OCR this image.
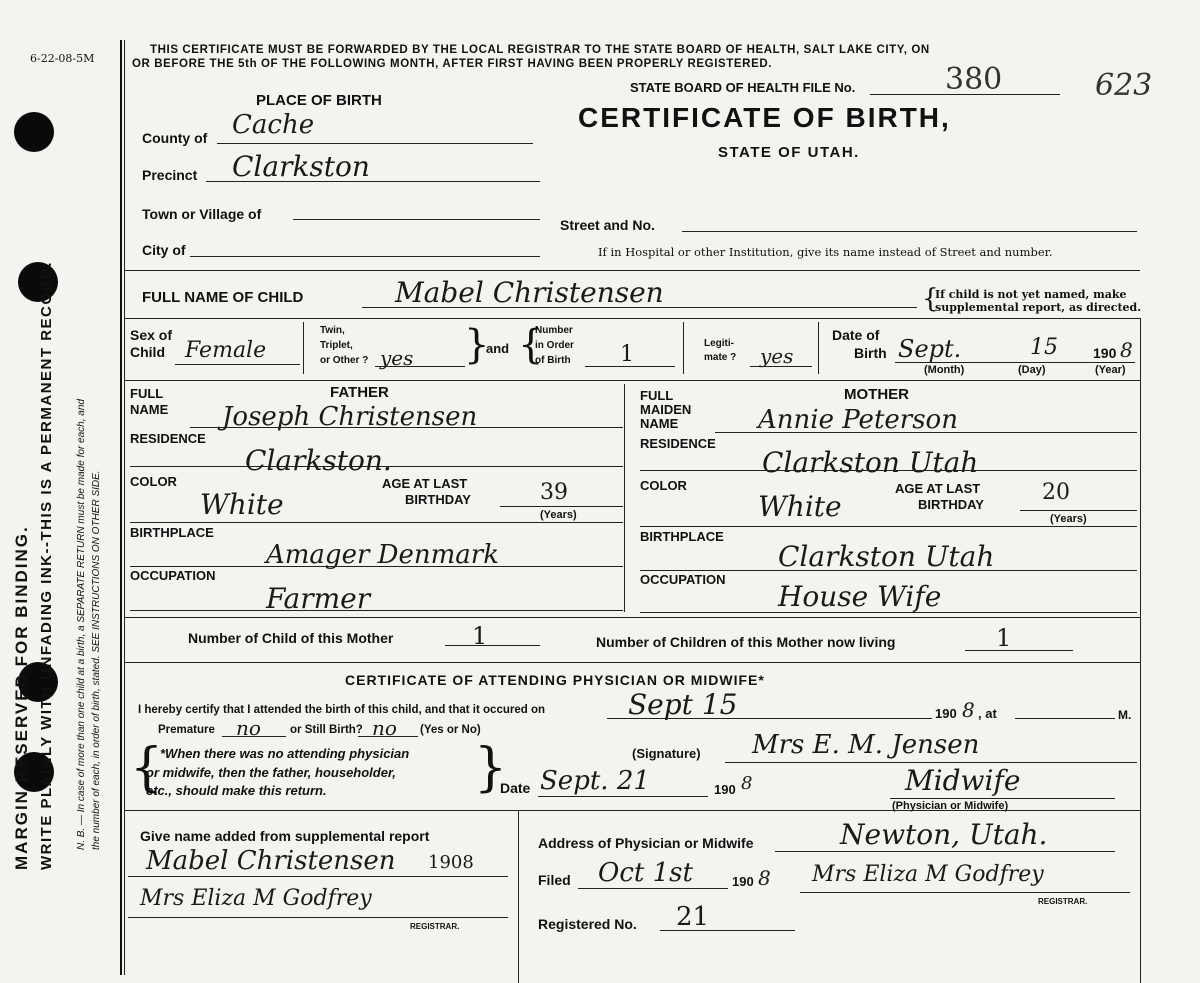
WRITE PLAINLY WITH UNFADING INK--THIS IS A PERMANENT RECORD.
MARGIN RESERVED FOR BINDING.	N. B. — In case of more than one child at a birth, a SEPARATE RETURN must be made for each, and the number of each, in order of birth, stated. SEE INSTRUCTIONS ON OTHER SIDE.
6-22-08-5M
THIS CERTIFICATE MUST BE FORWARDED BY THE LOCAL REGISTRAR TO THE STATE BOARD OF HEALTH, SALT LAKE CITY, ON
OR BEFORE THE 5th OF THE FOLLOWING MONTH, AFTER FIRST HAVING BEEN PROPERLY REGISTERED.
STATE BOARD OF HEALTH FILE No.	380	623
CERTIFICATE OF BIRTH,
STATE OF UTAH.
PLACE OF BIRTH
County of Cache
Precinct Clarkston
Town or Village of
Street and No.
City of	If in Hospital or other Institution, give its name instead of Street and number.
FULL NAME OF CHILD	Mabel Christensen	{
If child is not yet named, make
supplemental report, as directed.
Sex of
Child Female
Twin,
Triplet,
or Other ? yes }
and {
Number
in Order
of Birth 1	Legiti-
mate ? yes
Date of
Birth Sept.	15	190 8
(Month)	(Day)	(Year)
FULL
NAME
FATHER
Joseph Christensen
RESIDENCE
Clarkston.
COLOR
White
AGE AT LAST
BIRTHDAY	39
(Years)
BIRTHPLACE
Amager Denmark
OCCUPATION
Farmer
FULL
MAIDEN
NAME
MOTHER
Annie Peterson
RESIDENCE
Clarkston Utah
COLOR
White
AGE AT LAST
BIRTHDAY	20
(Years)
BIRTHPLACE
Clarkston Utah
OCCUPATION
House Wife
Number of Child of this Mother	1	Number of Children of this Mother now living	1
CERTIFICATE OF ATTENDING PHYSICIAN OR MIDWIFE*
I hereby certify that I attended the birth of this child, and that it occured on	Sept 15	190 8 , at	M.
Premature no	or Still Birth? no (Yes or No)
{
*When there was no attending physician
or midwife, then the father, householder,
etc., should make this return.	}	(Signature) Mrs E. M. Jensen
Date Sept. 21	190 8	Midwife
(Physician or Midwife)
Give name added from supplemental report
Mabel Christensen 1908
Mrs Eliza M Godfrey
REGISTRAR.
Address of Physician or Midwife	Newton, Utah.
Filed Oct 1st	190 8 Mrs Eliza M Godfrey
REGISTRAR.
Registered No. 21
